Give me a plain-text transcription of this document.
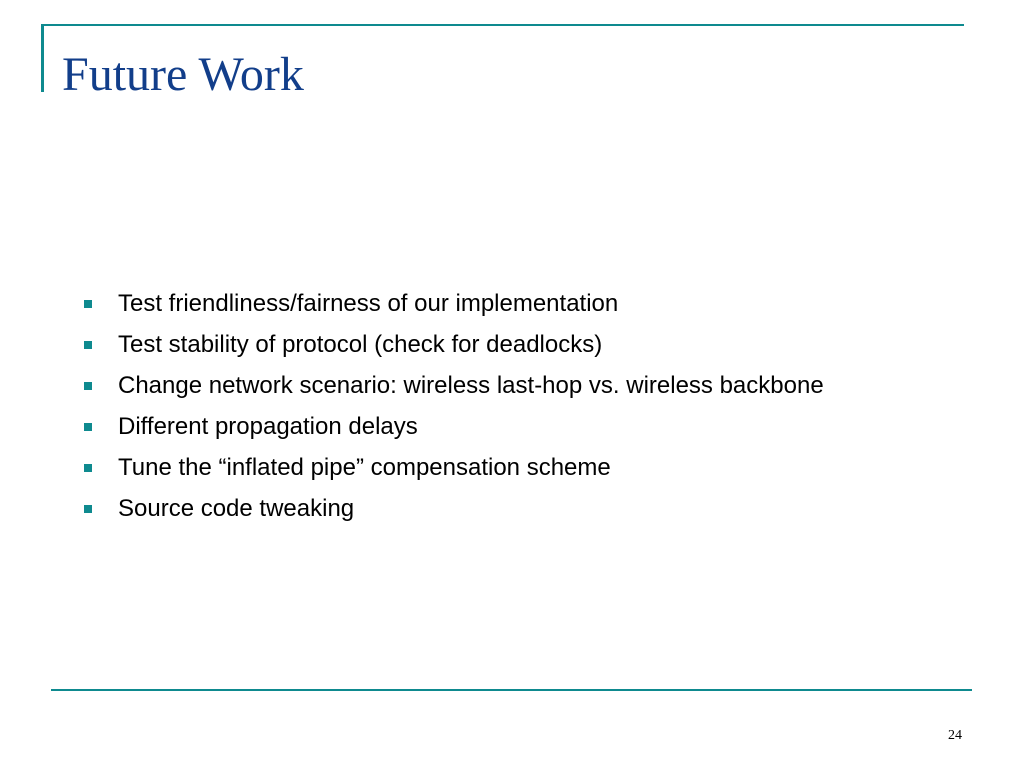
Future Work
Test friendliness/fairness of our implementation
Test stability of protocol (check for deadlocks)
Change network scenario: wireless last-hop vs. wireless backbone
Different propagation delays
Tune the “inflated pipe” compensation scheme
Source code tweaking
24
